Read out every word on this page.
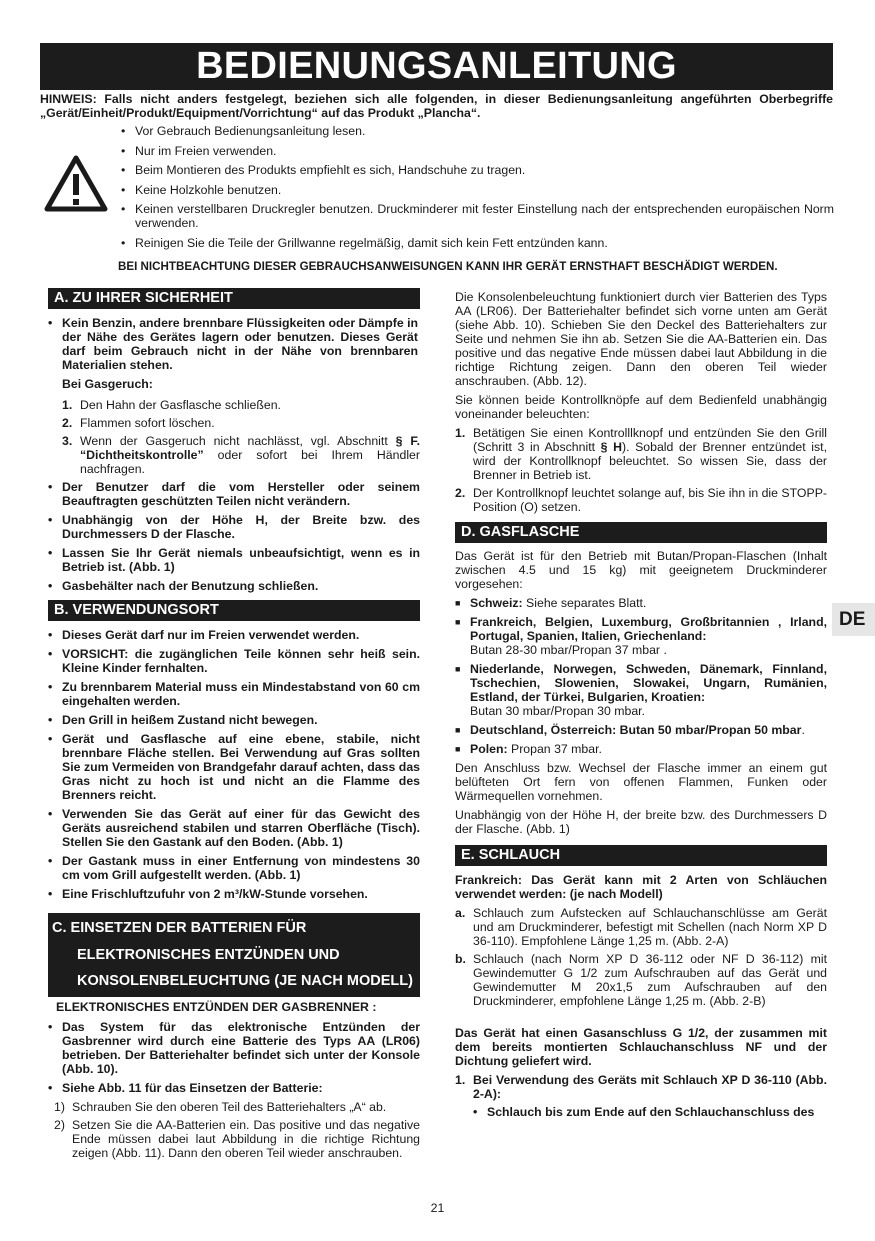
BEDIENUNGSANLEITUNG
HINWEIS: Falls nicht anders festgelegt, beziehen sich alle folgenden, in dieser Bedienungsanleitung angeführten Oberbegriffe „Gerät/Einheit/Produkt/Equipment/Vorrichtung“ auf das Produkt „Plancha“.
• Vor Gebrauch Bedienungsanleitung lesen.
• Nur im Freien verwenden.
• Beim Montieren des Produkts empfiehlt es sich, Handschuhe zu tragen.
• Keine Holzkohle benutzen.
• Keinen verstellbaren Druckregler benutzen. Druckminderer mit fester Einstellung nach der entsprechenden europäischen Norm verwenden.
• Reinigen Sie die Teile der Grillwanne regelmäßig, damit sich kein Fett entzünden kann.
BEI NICHTBEACHTUNG DIESER GEBRAUCHSANWEISUNGEN KANN IHR GERÄT ERNSTHAFT BESCHÄDIGT WERDEN.
A. ZU IHRER SICHERHEIT
• Kein Benzin, andere brennbare Flüssigkeiten oder Dämpfe in der Nähe des Gerätes lagern oder benutzen. Dieses Gerät darf beim Gebrauch nicht in der Nähe von brennbaren Materialien stehen.
Bei Gasgeruch:
1. Den Hahn der Gasflasche schließen.
2. Flammen sofort löschen.
3. Wenn der Gasgeruch nicht nachlässt, vgl. Abschnitt § F. “Dichtheitskontrolle” oder sofort bei Ihrem Händler nachfragen.
• Der Benutzer darf die vom Hersteller oder seinem Beauftragten geschützten Teilen nicht verändern.
• Unabhängig von der Höhe H, der Breite bzw. des Durchmessers D der Flasche.
• Lassen Sie Ihr Gerät niemals unbeaufsichtigt, wenn es in Betrieb ist. (Abb. 1)
• Gasbehälter nach der Benutzung schließen.
B. VERWENDUNGSORT
• Dieses Gerät darf nur im Freien verwendet werden.
• VORSICHT: die zugänglichen Teile können sehr heiß sein. Kleine Kinder fernhalten.
• Zu brennbarem Material muss ein Mindestabstand von 60 cm eingehalten werden.
• Den Grill in heißem Zustand nicht bewegen.
• Gerät und Gasflasche auf eine ebene, stabile, nicht brennbare Fläche stellen. Bei Verwendung auf Gras sollten Sie zum Vermeiden von Brandgefahr darauf achten, dass das Gras nicht zu hoch ist und nicht an die Flamme des Brenners reicht.
• Verwenden Sie das Gerät auf einer für das Gewicht des Geräts ausreichend stabilen und starren Oberfläche (Tisch). Stellen Sie den Gastank auf den Boden. (Abb. 1)
• Der Gastank muss in einer Entfernung von mindestens 30 cm vom Grill aufgestellt werden. (Abb. 1)
• Eine Frischluftzufuhr von 2 m³/kW-Stunde vorsehen.
C. EINSETZEN DER BATTERIEN FÜR
ELEKTRONISCHES ENTZÜNDEN UND
KONSOLENBELEUCHTUNG (JE NACH MODELL)
ELEKTRONISCHES ENTZÜNDEN DER GASBRENNER :
• Das System für das elektronische Entzünden der Gasbrenner wird durch eine Batterie des Typs AA (LR06) betrieben. Der Batteriehalter befindet sich unter der Konsole (Abb. 10).
• Siehe Abb. 11 für das Einsetzen der Batterie:
1) Schrauben Sie den oberen Teil des Batteriehalters „A“ ab.
2) Setzen Sie die AA-Batterien ein. Das positive und das negative Ende müssen dabei laut Abbildung in die richtige Richtung zeigen (Abb. 11). Dann den oberen Teil wieder anschrauben.

Die Konsolenbeleuchtung funktioniert durch vier Batterien des Typs AA (LR06). Der Batteriehalter befindet sich vorne unten am Gerät (siehe Abb. 10). Schieben Sie den Deckel des Batteriehalters zur Seite und nehmen Sie ihn ab. Setzen Sie die AA-Batterien ein. Das positive und das negative Ende müssen dabei laut Abbildung in die richtige Richtung zeigen. Dann den oberen Teil wieder anschrauben. (Abb. 12).

Sie können beide Kontrollknöpfe auf dem Bedienfeld unabhängig voneinander beleuchten:

1. Betätigen Sie einen Kontrolllknopf und entzünden Sie den Grill (Schritt 3 in Abschnitt § H). Sobald der Brenner entzündet ist, wird der Kontrollknopf beleuchtet. So wissen Sie, dass der Brenner in Betrieb ist.
2. Der Kontrollknopf leuchtet solange auf, bis Sie ihn in die STOPP-Position (O) setzen.
D. GASFLASCHE

Das Gerät ist für den Betrieb mit Butan/Propan-Flaschen (Inhalt zwischen 4.5 und 15 kg) mit geeignetem Druckminderer vorgesehen:

■ Schweiz: Siehe separates Blatt.
■ Frankreich, Belgien, Luxemburg, Großbritannien , Irland, Portugal, Spanien, Italien, Griechenland:
Butan 28-30 mbar/Propan 37 mbar .
■ Niederlande, Norwegen, Schweden, Dänemark, Finnland, Tschechien, Slowenien, Slowakei, Ungarn, Rumänien, Estland, der Türkei, Bulgarien, Kroatien:
Butan 30 mbar/Propan 30 mbar.
■ Deutschland, Österreich: Butan 50 mbar/Propan 50 mbar.
■ Polen: Propan 37 mbar.

Den Anschluss bzw. Wechsel der Flasche immer an einem gut belüfteten Ort fern von offenen Flammen, Funken oder Wärmequellen vornehmen.

Unabhängig von der Höhe H, der breite bzw. des Durchmessers D der Flasche. (Abb. 1)

E. SCHLAUCH

Frankreich: Das Gerät kann mit 2 Arten von Schläuchen verwendet werden: (je nach Modell)

a. Schlauch zum Aufstecken auf Schlauchanschlüsse am Gerät und am Druckminderer, befestigt mit Schellen (nach Norm XP D 36-110). Empfohlene Länge 1,25 m. (Abb. 2-A)
b. Schlauch (nach Norm XP D 36-112 oder NF D 36-112) mit Gewindemutter G 1/2 zum Aufschrauben auf das Gerät und Gewindemutter M 20x1,5 zum Aufschrauben auf den Druckminderer, empfohlene Länge 1,25 m. (Abb. 2-B)

Das Gerät hat einen Gasanschluss G 1/2, der zusammen mit dem bereits montierten Schlauchanschluss NF und der Dichtung geliefert wird.

1. Bei Verwendung des Geräts mit Schlauch XP D 36-110 (Abb. 2-A):
• Schlauch bis zum Ende auf den Schlauchanschluss des
DE
21
